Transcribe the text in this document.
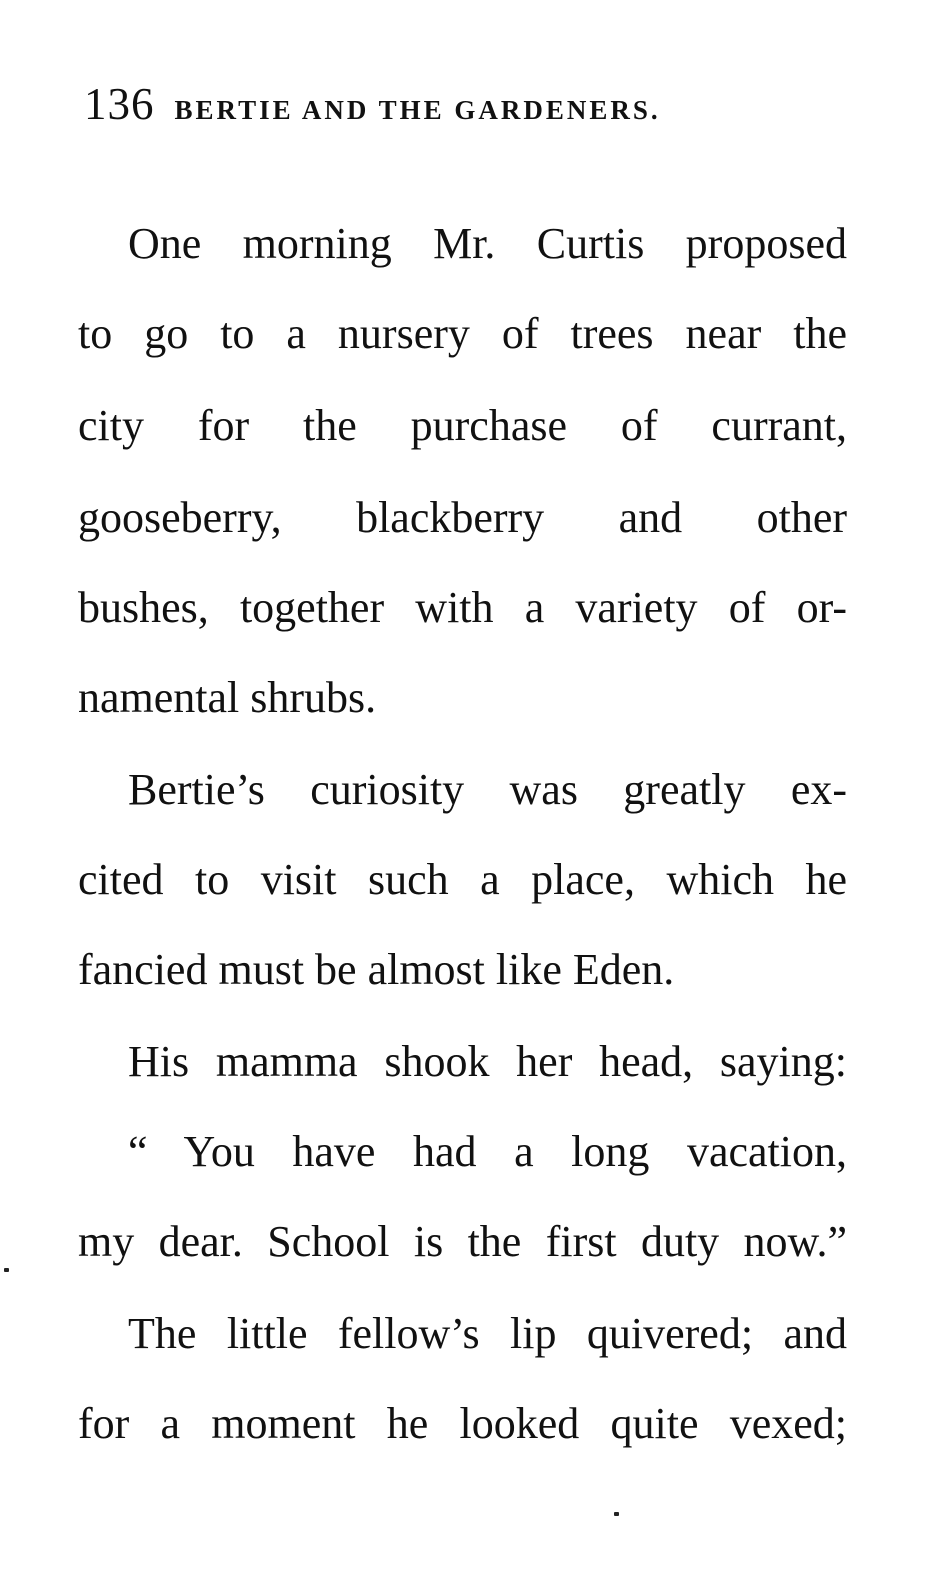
136 BERTIE AND THE GARDENERS.
One morning Mr. Curtis proposed
to go to a nursery of trees near the
city for the purchase of currant,
gooseberry, blackberry and other
bushes, together with a variety of or-
namental shrubs.
Bertie’s curiosity was greatly ex-
cited to visit such a place, which he
fancied must be almost like Eden.
His mamma shook her head, saying:
“ You have had a long vacation,
my dear. School is the first duty now.”
The little fellow’s lip quivered; and
for a moment he looked quite vexed;
